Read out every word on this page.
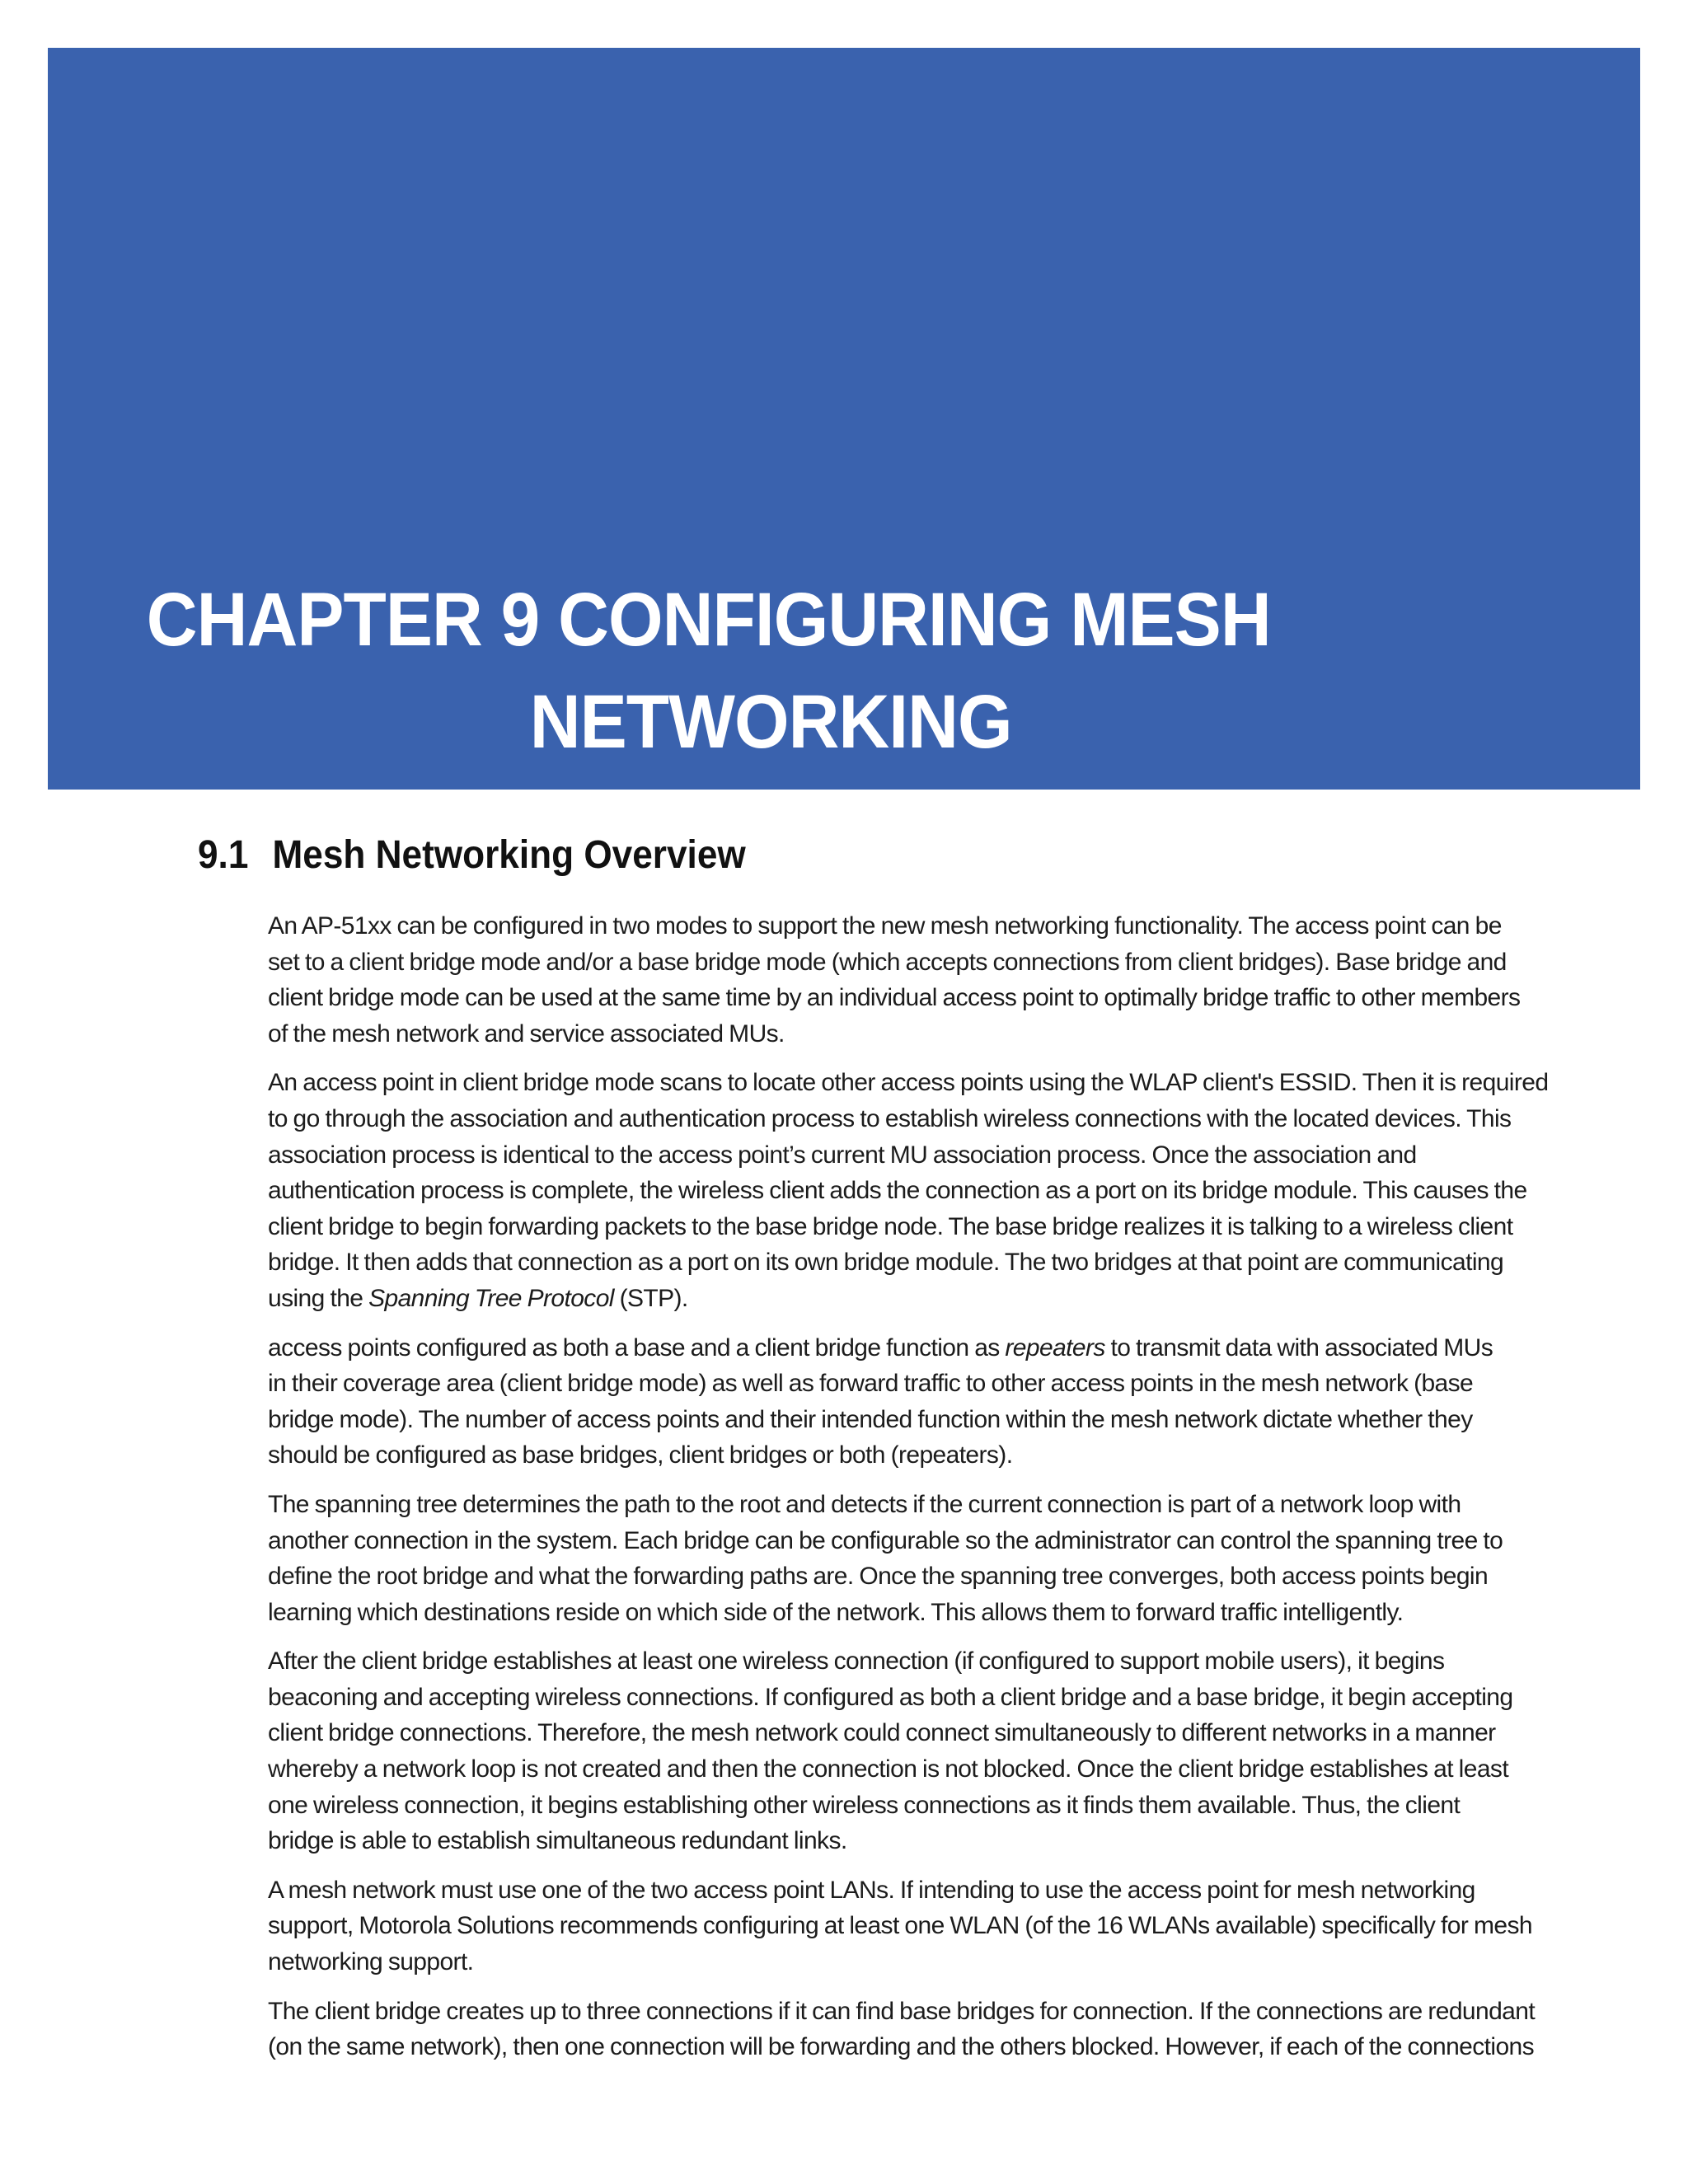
CHAPTER 9 CONFIGURING MESH
NETWORKING
9.1 Mesh Networking Overview

An AP-51xx can be configured in two modes to support the new mesh networking functionality. The access point can be
set to a client bridge mode and/or a base bridge mode (which accepts connections from client bridges). Base bridge and
client bridge mode can be used at the same time by an individual access point to optimally bridge traffic to other members
of the mesh network and service associated MUs.

An access point in client bridge mode scans to locate other access points using the WLAP client's ESSID. Then it is required
to go through the association and authentication process to establish wireless connections with the located devices. This
association process is identical to the access point’s current MU association process. Once the association and
authentication process is complete, the wireless client adds the connection as a port on its bridge module. This causes the
client bridge to begin forwarding packets to the base bridge node. The base bridge realizes it is talking to a wireless client
bridge. It then adds that connection as a port on its own bridge module. The two bridges at that point are communicating
using the Spanning Tree Protocol (STP).

access points configured as both a base and a client bridge function as repeaters to transmit data with associated MUs
in their coverage area (client bridge mode) as well as forward traffic to other access points in the mesh network (base
bridge mode). The number of access points and their intended function within the mesh network dictate whether they
should be configured as base bridges, client bridges or both (repeaters).

The spanning tree determines the path to the root and detects if the current connection is part of a network loop with
another connection in the system. Each bridge can be configurable so the administrator can control the spanning tree to
define the root bridge and what the forwarding paths are. Once the spanning tree converges, both access points begin
learning which destinations reside on which side of the network. This allows them to forward traffic intelligently.

After the client bridge establishes at least one wireless connection (if configured to support mobile users), it begins
beaconing and accepting wireless connections. If configured as both a client bridge and a base bridge, it begin accepting
client bridge connections. Therefore, the mesh network could connect simultaneously to different networks in a manner
whereby a network loop is not created and then the connection is not blocked. Once the client bridge establishes at least
one wireless connection, it begins establishing other wireless connections as it finds them available. Thus, the client
bridge is able to establish simultaneous redundant links.

A mesh network must use one of the two access point LANs. If intending to use the access point for mesh networking
support, Motorola Solutions recommends configuring at least one WLAN (of the 16 WLANs available) specifically for mesh
networking support.

The client bridge creates up to three connections if it can find base bridges for connection. If the connections are redundant
(on the same network), then one connection will be forwarding and the others blocked. However, if each of the connections
